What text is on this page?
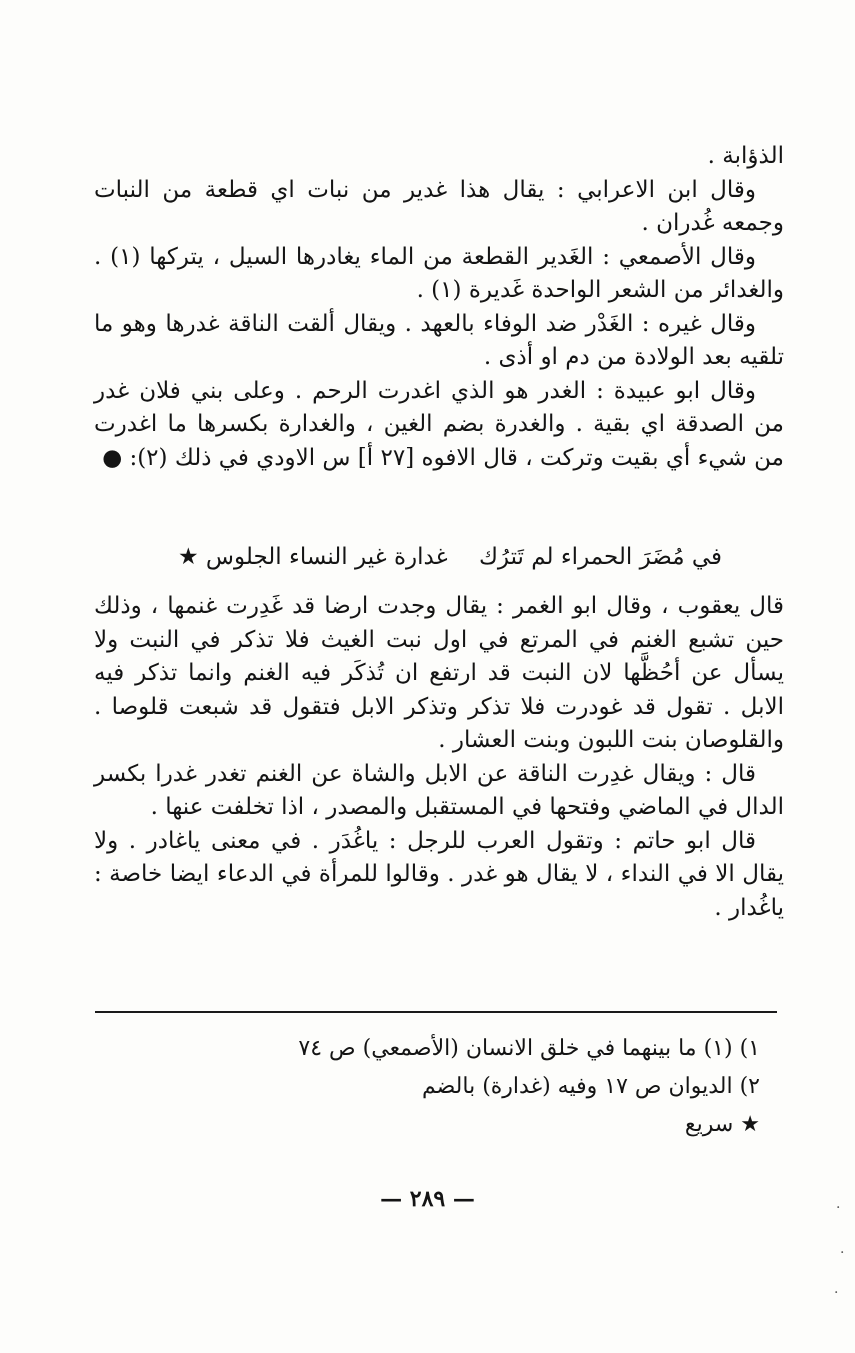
الذؤابة .

وقال ابن الاعرابي : يقال هذا غدير من نبات اي قطعة من النبات وجمعه غُدران .

وقال الأصمعي : الغَدير القطعة من الماء يغادرها السيل ، يتركها (١) . والغدائر من الشعر الواحدة غَديرة (١) .

وقال غيره : الغَدْر ضد الوفاء بالعهد . ويقال ألقت الناقة غدرها وهو ما تلقيه بعد الولادة من دم او أذى .

وقال ابو عبيدة : الغدر هو الذي اغدرت الرحم . وعلى بني فلان غدر من الصدقة اي بقية . والغدرة بضم الغين ، والغدارة بكسرها ما اغدرت من شيء أي بقيت وتركت ، قال الافوه [٢٧ أ] س الاودي في ذلك (٢): ●

في مُضَرَ الحمراء لم تَترُك غدارة غير النساء الجلوس ★

قال يعقوب ، وقال ابو الغمر : يقال وجدت ارضا قد غَدِرت غنمها ، وذلك حين تشبع الغنم في المرتع في اول نبت الغيث فلا تذكر في النبت ولا يسأل عن أحُظَّها لان النبت قد ارتفع ان تُذكَر فيه الغنم وانما تذكر فيه الابل . تقول قد غودرت فلا تذكر وتذكر الابل فتقول قد شبعت قلوصا . والقلوصان بنت اللبون وبنت العشار .

قال : ويقال غدِرت الناقة عن الابل والشاة عن الغنم تغدر غدرا بكسر الدال في الماضي وفتحها في المستقبل والمصدر ، اذا تخلفت عنها .

قال ابو حاتم : وتقول العرب للرجل : ياغُدَر . في معنى ياغادر . ولا يقال الا في النداء ، لا يقال هو غدر . وقالوا للمرأة في الدعاء ايضا خاصة : ياغُدار .

١) (١) ما بينهما في خلق الانسان (الأصمعي) ص ٧٤
٢) الديوان ص ١٧ وفيه (غدارة) بالضم
★ سريع
— ٢٨٩ —	·
·
·
